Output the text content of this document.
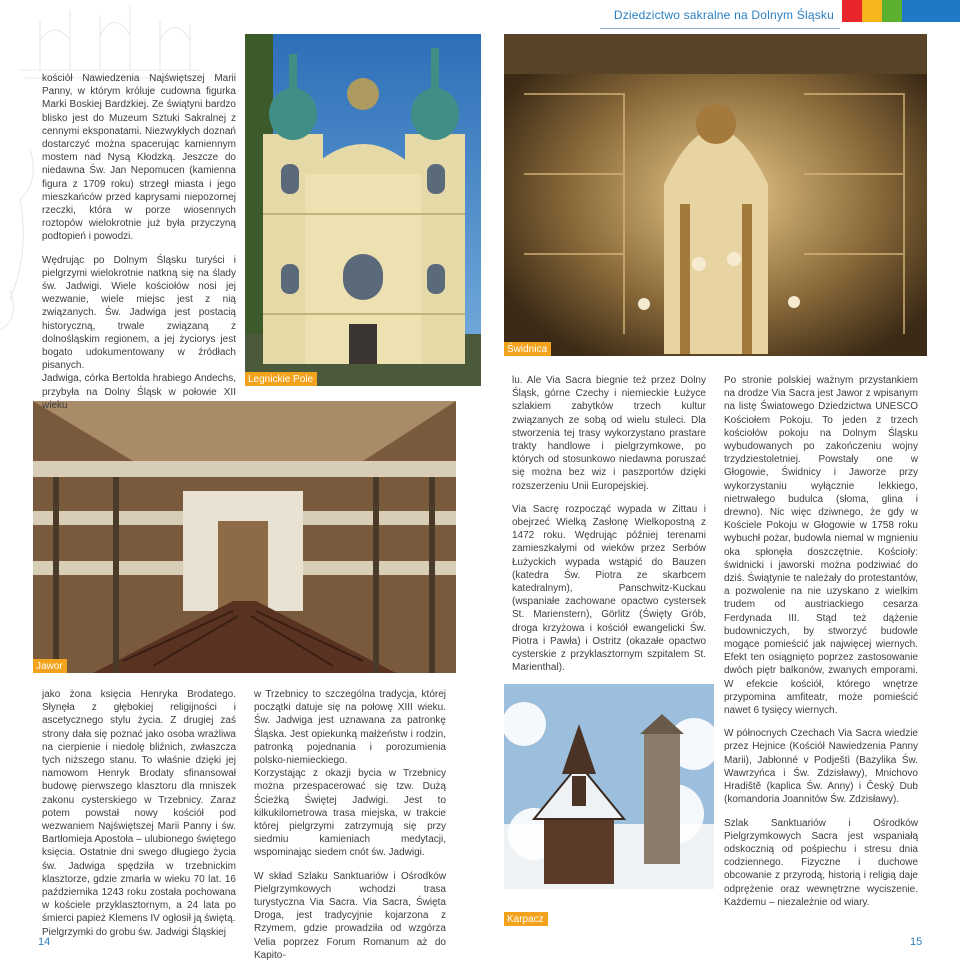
Dziedzictwo sakralne na Dolnym Śląsku
Legnickie Pole
Świdnica
Jawor
Karpacz

kościół Nawiedzenia Najświętszej Marii Panny, w którym króluje cudowna figurka Marki Boskiej Bardzkiej. Ze świątyni bardzo blisko jest do Muzeum Sztuki Sakralnej z cennymi eksponatami. Niezwykłych doznań dostarczyć można spacerując kamiennym mostem nad Nysą Kłodzką. Jeszcze do niedawna Św. Jan Nepomucen (kamienna figura z 1709 roku) strzegł miasta i jego mieszkańców przed kaprysami niepozornej rzeczki, która w porze wiosennych roztopów wielokrotnie już była przyczyną podtopień i powodzi.

Wędrując po Dolnym Śląsku turyści i pielgrzymi wielokrotnie natkną się na ślady św. Jadwigi. Wiele kościołów nosi jej wezwanie, wiele miejsc jest z nią związanych. Św. Jadwiga jest postacią historyczną, trwale związaną z dolnośląskim regionem, a jej życiorys jest bogato udokumentowany w źródłach pisanych.

Jadwiga, córka Bertolda hrabiego Andechs, przybyła na Dolny Śląsk w połowie XII wieku

jako żona księcia Henryka Brodatego. Słynęła z głębokiej religijności i ascetycznego stylu życia. Z drugiej zaś strony dała się poznać jako osoba wrażliwa na cierpienie i niedolę bliźnich, zwłaszcza tych niższego stanu. To właśnie dzięki jej namowom Henryk Brodaty sfinansował budowę pierwszego klasztoru dla mniszek zakonu cysterskiego w Trzebnicy. Zaraz potem powstał nowy kościół pod wezwaniem Najświętszej Marii Panny i św. Bartłomieja Apostoła – ulubionego świętego księcia. Ostatnie dni swego długiego życia św. Jadwiga spędziła w trzebnickim klasztorze, gdzie zmarła w wieku 70 lat. 16 października 1243 roku została pochowana w kościele przyklasztornym, a 24 lata po śmierci papież Klemens IV ogłosił ją świętą.

Pielgrzymki do grobu św. Jadwigi Śląskiej

w Trzebnicy to szczególna tradycja, której początki datuje się na połowę XIII wieku. Św. Jadwiga jest uznawana za patronkę Śląska. Jest opiekunką małżeństw i rodzin, patronką pojednania i porozumienia polsko-niemieckiego.

Korzystając z okazji bycia w Trzebnicy można przespacerować się tzw. Dużą Ścieżką Świętej Jadwigi. Jest to kilkukilometrowa trasa miejska, w trakcie której pielgrzymi zatrzymują się przy siedmiu kamieniach medytacji, wspominając siedem cnót św. Jadwigi.

W skład Szlaku Sanktuariów i Ośrodków Pielgrzymkowych wchodzi trasa turystyczna Via Sacra. Via Sacra, Święta Droga, jest tradycyjnie kojarzona z Rzymem, gdzie prowadziła od wzgórza Velia poprzez Forum Romanum aż do Kapito-

lu. Ale Via Sacra biegnie też przez Dolny Śląsk, górne Czechy i niemieckie Łużyce szlakiem zabytków trzech kultur związanych ze sobą od wielu stuleci. Dla stworzenia tej trasy wykorzystano prastare trakty handlowe i pielgrzymkowe, po których od stosunkowo niedawna poruszać się można bez wiz i paszportów dzięki rozszerzeniu Unii Europejskiej.

Via Sacrę rozpocząć wypada w Zittau i obejrzeć Wielką Zasłonę Wielkopostną z 1472 roku. Wędrując później terenami zamieszkałymi od wieków przez Serbów Łużyckich wypada wstąpić do Bauzen (katedra Św. Piotra ze skarbcem katedralnym), Panschwitz-Kuckau (wspaniałe zachowane opactwo cystersek St. Marienstern), Görlitz (Święty Grób, droga krzyżowa i kościół ewangelicki Św. Piotra i Pawła) i Ostritz (okazałe opactwo cysterskie z przyklasztornym szpitalem St. Marienthal).

Po stronie polskiej ważnym przystankiem na drodze Via Sacra jest Jawor z wpisanym na listę Światowego Dziedzictwa UNESCO Kościołem Pokoju. To jeden z trzech kościołów pokoju na Dolnym Śląsku wybudowanych po zakończeniu wojny trzydziestoletniej. Powstały one w Głogowie, Świdnicy i Jaworze przy wykorzystaniu wyłącznie lekkiego, nietrwałego budulca (słoma, glina i drewno). Nic więc dziwnego, że gdy w Kościele Pokoju w Głogowie w 1758 roku wybuchł pożar, budowla niemal w mgnieniu oka spłonęła doszczętnie. Kościoły: świdnicki i jaworski można podziwiać do dziś. Świątynie te należały do protestantów, a pozwolenie na nie uzyskano z wielkim trudem od austriackiego cesarza Ferdynada III. Stąd też dążenie budowniczych, by stworzyć budowle mogące pomieścić jak najwięcej wiernych. Efekt ten osiągnięto poprzez zastosowanie dwóch piętr balkonów, zwanych emporami. W efekcie kościół, którego wnętrze przypomina amfiteatr, może pomieścić nawet 6 tysięcy wiernych.

W północnych Czechach Via Sacra wiedzie przez Hejnice (Kościół Nawiedzenia Panny Marii), Jabłonné v Podještì (Bazylika Św. Wawrzyńca i Św. Zdzisławy), Mnichovo Hradiště (kaplica Św. Anny) i Český Dub (komandoria Joannitów Św. Zdzisławy).

Szlak Sanktuariów i Ośrodków Pielgrzymkowych Sacra jest wspaniałą odskocznią od pośpiechu i stresu dnia codziennego. Fizyczne i duchowe obcowanie z przyrodą, historią i religią daje odprężenie oraz wewnętrzne wyciszenie. Każdemu – niezależnie od wiary.

14	15
